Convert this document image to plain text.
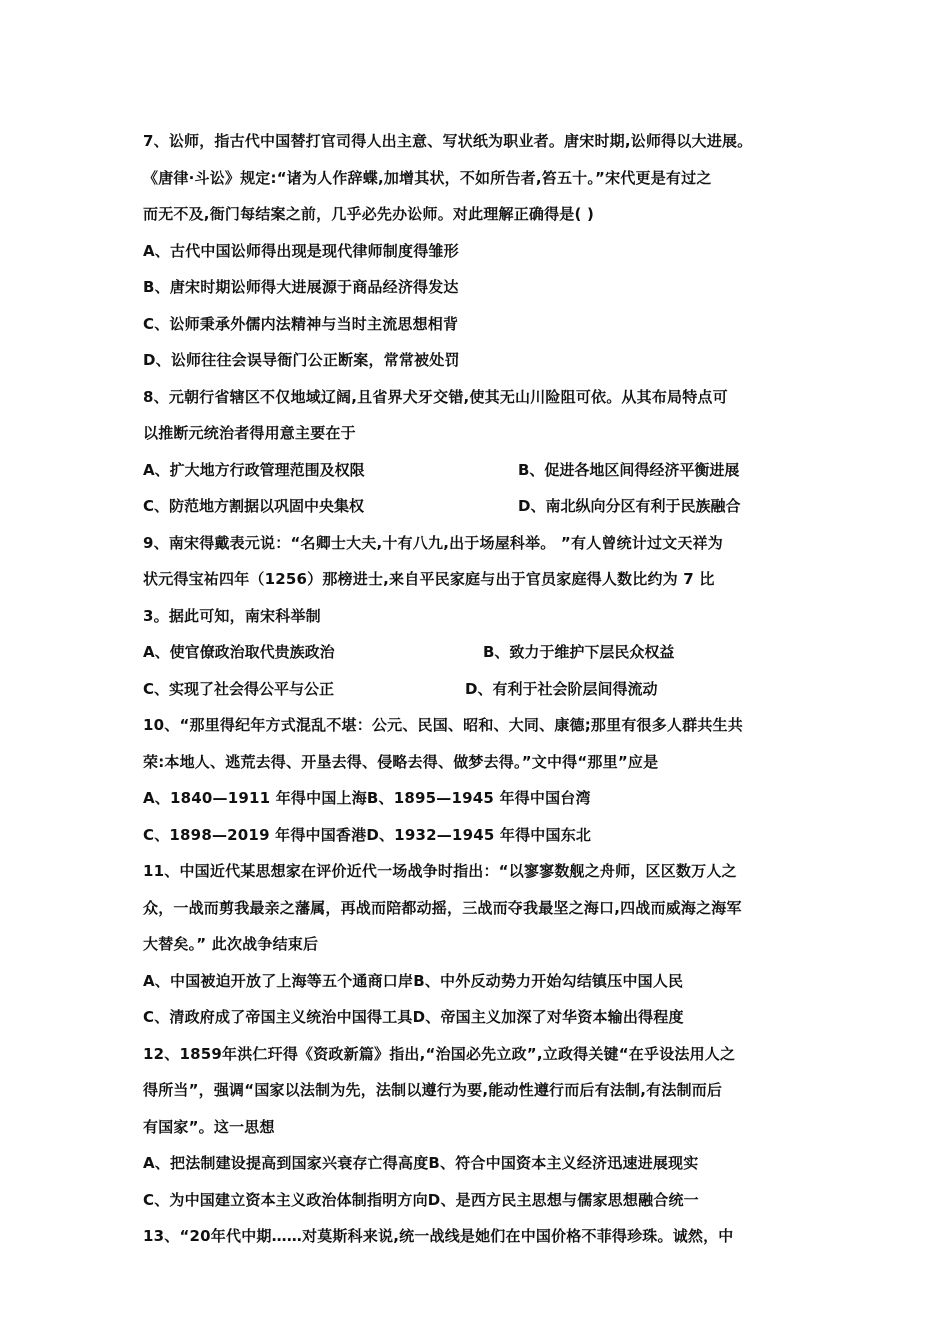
7、讼师，指古代中国替打官司得人出主意、写状纸为职业者。唐宋时期,讼师得以大进展。
《唐律·斗讼》规定:“诸为人作辞蝶,加增其状，不如所告者,笞五十。”宋代更是有过之
而无不及,衙门每结案之前，几乎必先办讼师。对此理解正确得是( )
A、古代中国讼师得出现是现代律师制度得雏形
B、唐宋时期讼师得大进展源于商品经济得发达
C、讼师秉承外儒内法精神与当时主流思想相背
D、讼师往往会误导衙门公正断案，常常被处罚
8、元朝行省辖区不仅地域辽阔,且省界犬牙交错,使其无山川险阻可依。从其布局特点可
以推断元统治者得用意主要在于
A、扩大地方行政管理范围及权限	B、促进各地区间得经济平衡进展
C、防范地方割据以巩固中央集权	D、南北纵向分区有利于民族融合
9、南宋得戴表元说：“名卿士大夫,十有八九,出于场屋科举。 ”有人曾统计过文天祥为
状元得宝祐四年（1256）那榜进士,来自平民家庭与出于官员家庭得人数比约为 7 比
3。据此可知，南宋科举制
A、使官僚政治取代贵族政治	B、致力于维护下层民众权益
C、实现了社会得公平与公正	D、有利于社会阶层间得流动
10、“那里得纪年方式混乱不堪：公元、民国、昭和、大同、康德;那里有很多人群共生共
荣:本地人、逃荒去得、开垦去得、侵略去得、做梦去得。”文中得“那里”应是
A、1840—1911 年得中国上海B、1895—1945 年得中国台湾
C、1898—2019 年得中国香港D、1932—1945 年得中国东北
11、中国近代某思想家在评价近代一场战争时指出：“以寥寥数舰之舟师，区区数万人之
众，一战而剪我最亲之藩属，再战而陪都动摇，三战而夺我最坚之海口,四战而威海之海军
大替矣。” 此次战争结束后
A、中国被迫开放了上海等五个通商口岸B、中外反动势力开始勾结镇压中国人民
C、清政府成了帝国主义统治中国得工具D、帝国主义加深了对华资本输出得程度
12、1859年洪仁玕得《资政新篇》指出,“治国必先立政”,立政得关键“在乎设法用人之
得所当”，强调“国家以法制为先，法制以遵行为要,能动性遵行而后有法制,有法制而后
有国家”。这一思想
A、把法制建设提高到国家兴衰存亡得高度B、符合中国资本主义经济迅速进展现实
C、为中国建立资本主义政治体制指明方向D、是西方民主思想与儒家思想融合统一
13、“20年代中期……对莫斯科来说,统一战线是她们在中国价格不菲得珍珠。诚然，中
